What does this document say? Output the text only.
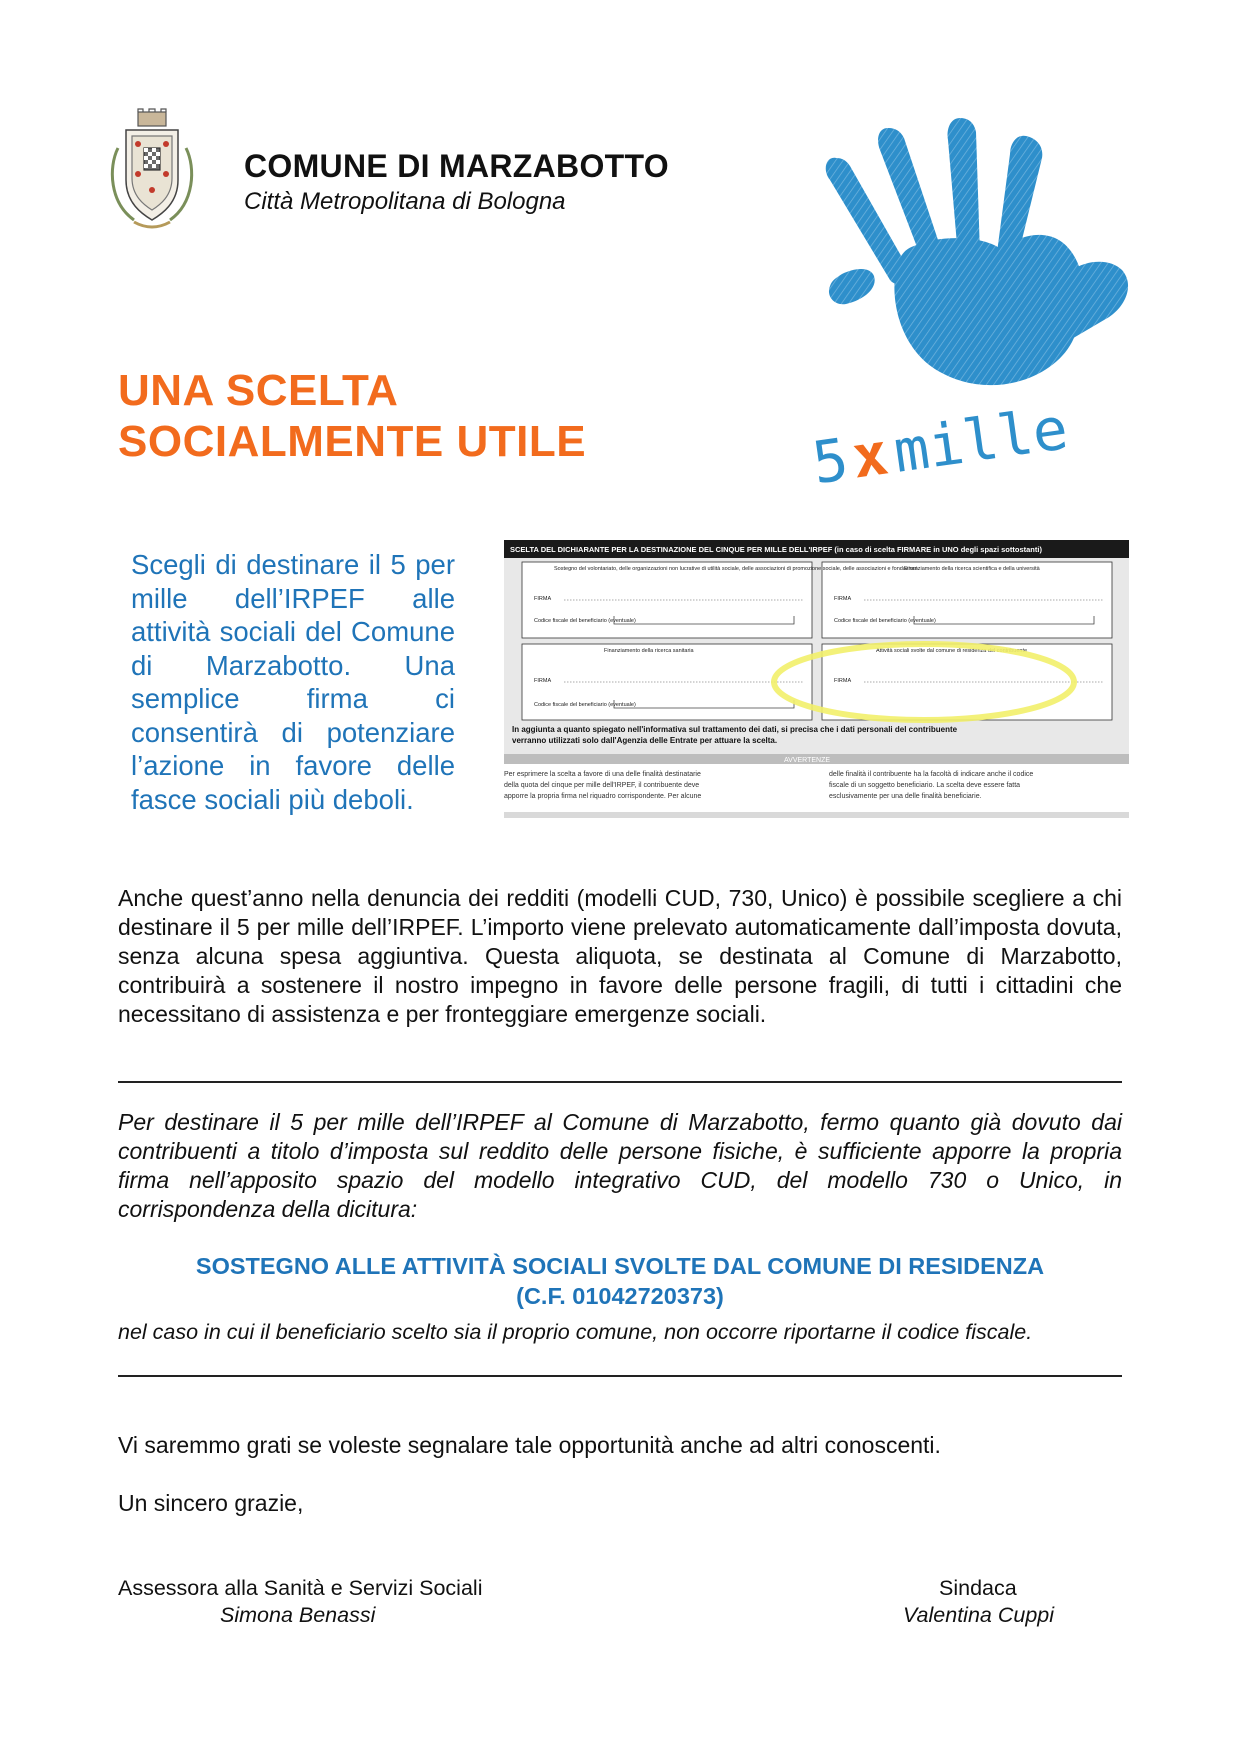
COMUNE DI MARZABOTTO
Città Metropolitana di Bologna
5
x
mille
UNA SCELTA
SOCIALMENTE UTILE
Scegli di destinare il 5 per mille dell’IRPEF alle attività sociali del Comune di Marzabotto. Una semplice firma ci consentirà di potenziare l’azione in favore delle fasce sociali più deboli.
SCELTA DEL DICHIARANTE PER LA DESTINAZIONE DEL CINQUE PER MILLE DELL'IRPEF (in caso di scelta FIRMARE in UNO degli spazi sottostanti)
Sostegno del volontariato, delle organizzazioni non lucrative di utilità sociale, delle associazioni di promozione sociale, delle associazioni e fondazioni
Finanziamento della ricerca scientifica e della università
Finanziamento della ricerca sanitaria	Attività sociali svolte dal comune di residenza del contribuente
FIRMA	FIRMA
FIRMA	FIRMA
Codice fiscale del beneficiario (eventuale)	Codice fiscale del beneficiario (eventuale)
Codice fiscale del beneficiario (eventuale)
In aggiunta a quanto spiegato nell'informativa sul trattamento dei dati, si precisa che i dati personali del contribuente
verranno utilizzati solo dall'Agenzia delle Entrate per attuare la scelta.
AVVERTENZE
Per esprimere la scelta a favore di una delle finalità destinatarie
della quota del cinque per mille dell'IRPEF, il contribuente deve
apporre la propria firma nel riquadro corrispondente. Per alcune
delle finalità il contribuente ha la facoltà di indicare anche il codice
fiscale di un soggetto beneficiario. La scelta deve essere fatta
esclusivamente per una delle finalità beneficiarie.
Anche quest’anno nella denuncia dei redditi (modelli CUD, 730, Unico) è possibile scegliere a chi destinare il 5 per mille dell’IRPEF. L’importo viene prelevato automaticamente dall’imposta dovuta, senza alcuna spesa aggiuntiva. Questa aliquota, se destinata al Comune di Marzabotto, contribuirà a sostenere il nostro impegno in favore delle persone fragili, di tutti i cittadini che necessitano di assistenza e per fronteggiare emergenze sociali.
Per destinare il 5 per mille dell’IRPEF al Comune di Marzabotto, fermo quanto già dovuto dai contribuenti a titolo d’imposta sul reddito delle persone fisiche, è sufficiente apporre la propria firma nell’apposito spazio del modello integrativo CUD, del modello 730 o Unico, in corrispondenza della dicitura:
SOSTEGNO ALLE ATTIVITÀ SOCIALI SVOLTE DAL COMUNE DI RESIDENZA
(C.F. 01042720373)
nel caso in cui il beneficiario scelto sia il proprio comune, non occorre riportarne il codice fiscale.
Vi saremmo grati se voleste segnalare tale opportunità anche ad altri conoscenti.
Un sincero grazie,
Assessora alla Sanità e Servizi Sociali
Simona Benassi
Sindaca
Valentina Cuppi
